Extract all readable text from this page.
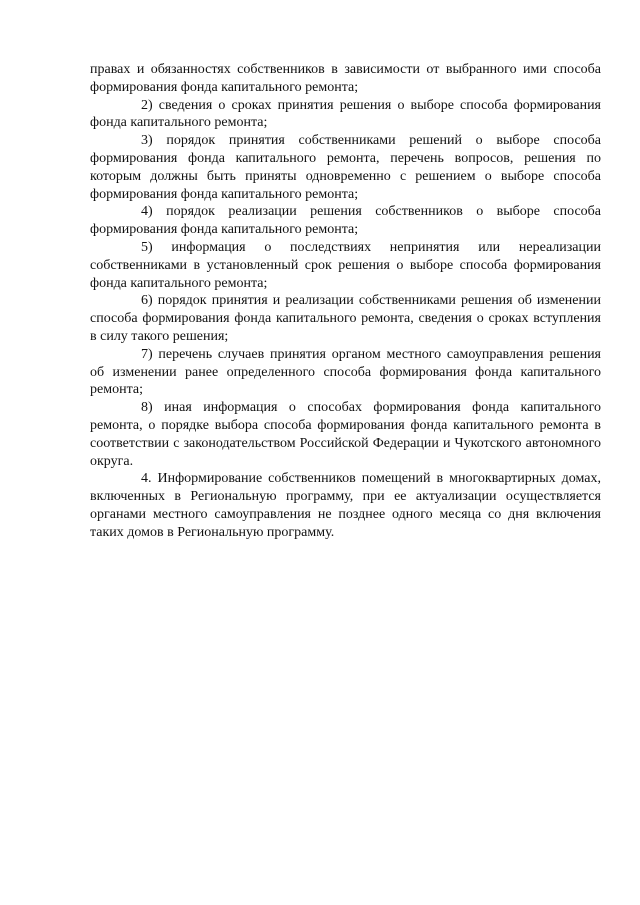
правах и обязанностях собственников в зависимости от выбранного ими способа формирования фонда капитального ремонта;

2) сведения о сроках принятия решения о выборе способа формирования фонда капитального ремонта;

3) порядок принятия собственниками решений о выборе способа формирования фонда капитального ремонта, перечень вопросов, решения по которым должны быть приняты одновременно с решением о выборе способа формирования фонда капитального ремонта;

4) порядок реализации решения собственников о выборе способа формирования фонда капитального ремонта;

5) информация о последствиях непринятия или нереализации собственниками в установленный срок решения о выборе способа формирования фонда капитального ремонта;

6) порядок принятия и реализации собственниками решения об изменении способа формирования фонда капитального ремонта, сведения о сроках вступления в силу такого решения;

7) перечень случаев принятия органом местного самоуправления решения об изменении ранее определенного способа формирования фонда капитального ремонта;

8) иная информация о способах формирования фонда капитального ремонта, о порядке выбора способа формирования фонда капитального ремонта в соответствии с законодательством Российской Федерации и Чукотского автономного округа.

4. Информирование собственников помещений в многоквартирных домах, включенных в Региональную программу, при ее актуализации осуществляется органами местного самоуправления не позднее одного месяца со дня включения таких домов в Региональную программу.
